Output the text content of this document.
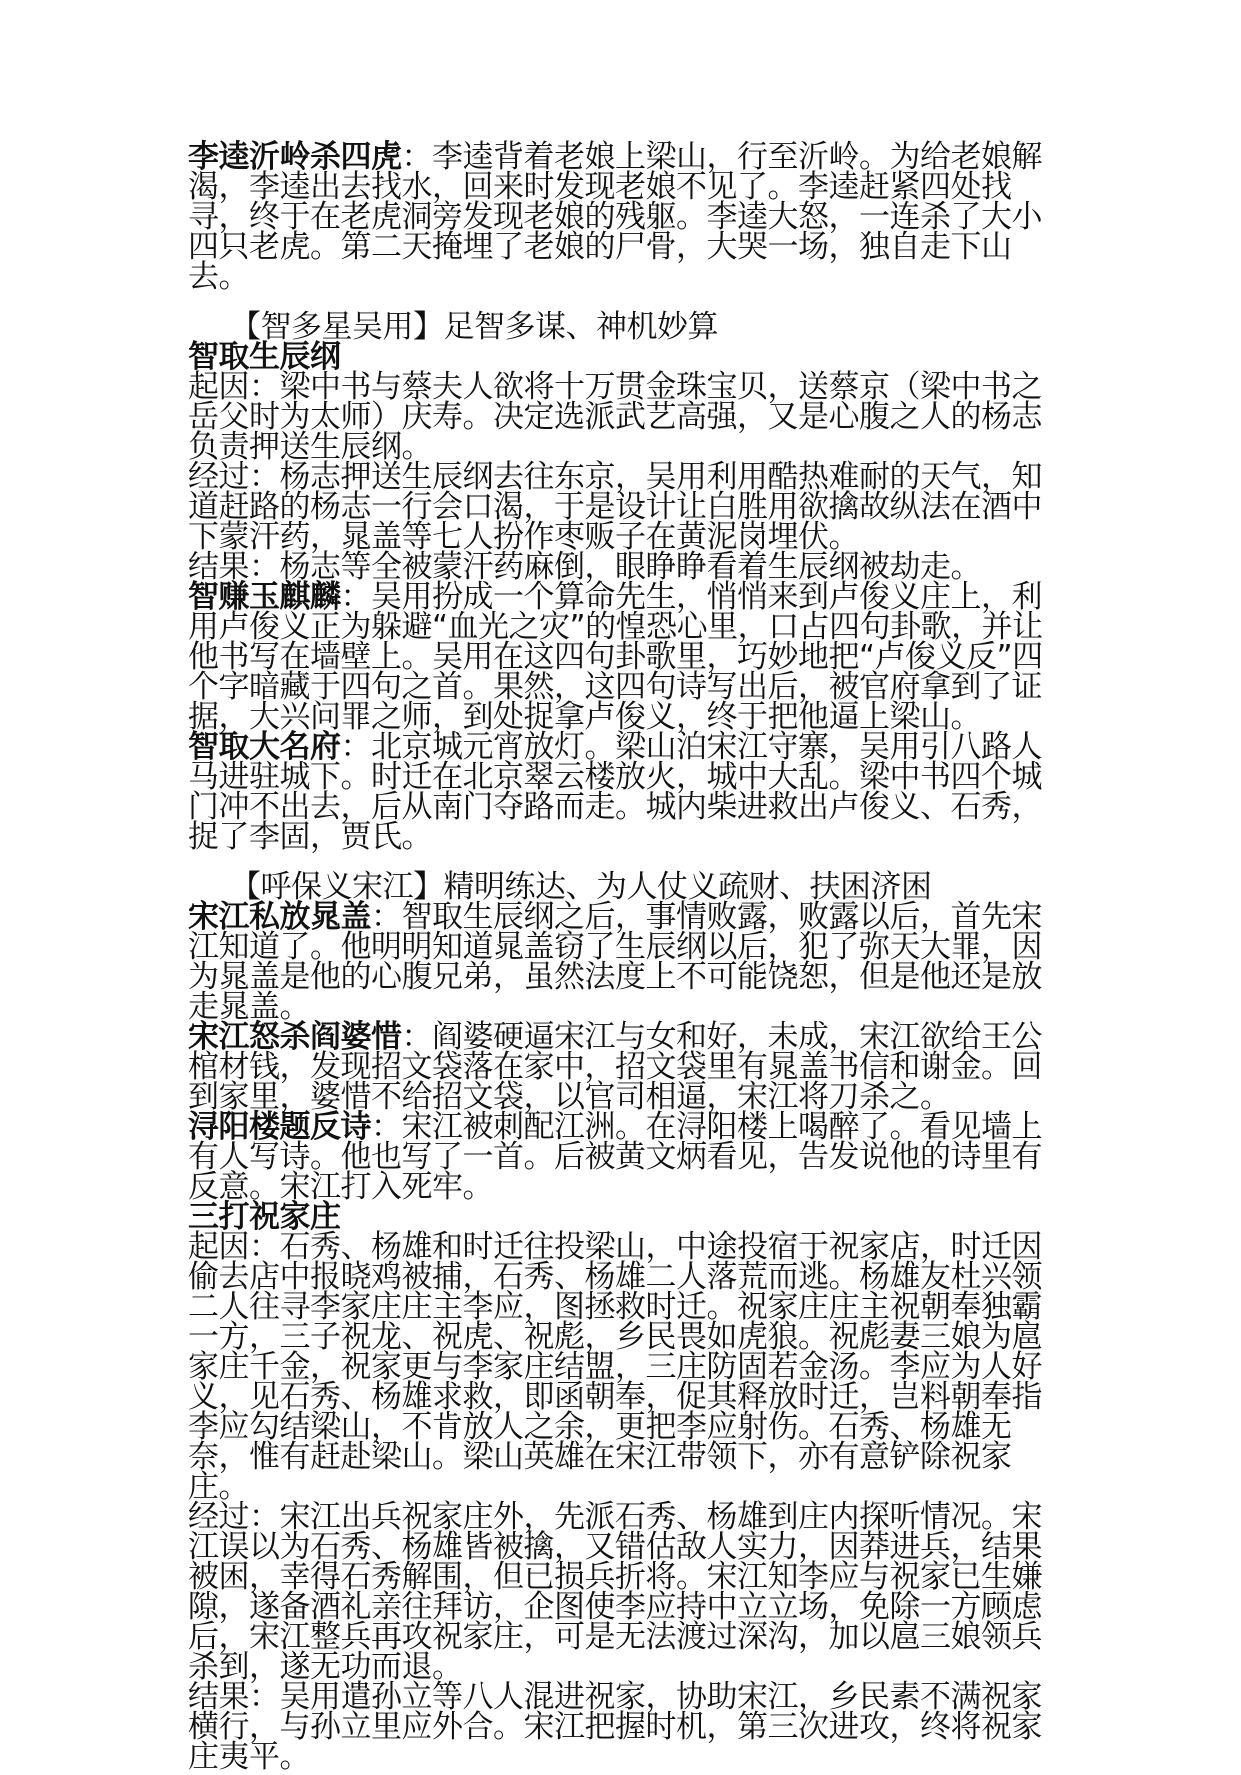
李逵沂岭杀四虎：李逵背着老娘上梁山，行至沂岭。为给老娘解渴，李逵出去找水，回来时发现老娘不见了。李逵赶紧四处找寻，终于在老虎洞旁发现老娘的残躯。李逵大怒，一连杀了大小四只老虎。第二天掩埋了老娘的尸骨，大哭一场，独自走下山去。

【智多星吴用】足智多谋、神机妙算

智取生辰纲

起因：梁中书与蔡夫人欲将十万贯金珠宝贝，送蔡京（梁中书之岳父时为太师）庆寿。决定选派武艺高强，又是心腹之人的杨志负责押送生辰纲。

经过：杨志押送生辰纲去往东京，吴用利用酷热难耐的天气，知道赶路的杨志一行会口渴，于是设计让白胜用欲擒故纵法在酒中下蒙汗药，晁盖等七人扮作枣贩子在黄泥岗埋伏。

结果：杨志等全被蒙汗药麻倒，眼睁睁看着生辰纲被劫走。

智赚玉麒麟：吴用扮成一个算命先生，悄悄来到卢俊义庄上，利用卢俊义正为躲避“血光之灾”的惶恐心里，口占四句卦歌，并让他书写在墙壁上。吴用在这四句卦歌里，巧妙地把“卢俊义反”四个字暗藏于四句之首。果然，这四句诗写出后，被官府拿到了证据，大兴问罪之师，到处捉拿卢俊义，终于把他逼上梁山。

智取大名府：北京城元宵放灯。梁山泊宋江守寨，吴用引八路人马进驻城下。时迁在北京翠云楼放火，城中大乱。梁中书四个城门冲不出去，后从南门夺路而走。城内柴进救出卢俊义、石秀，捉了李固，贾氏。

【呼保义宋江】精明练达、为人仗义疏财、扶困济困

宋江私放晁盖：智取生辰纲之后，事情败露，败露以后，首先宋江知道了。他明明知道晁盖窃了生辰纲以后，犯了弥天大罪，因为晁盖是他的心腹兄弟，虽然法度上不可能饶恕，但是他还是放走晁盖。

宋江怒杀阎婆惜：阎婆硬逼宋江与女和好，未成，宋江欲给王公棺材钱，发现招文袋落在家中，招文袋里有晁盖书信和谢金。回到家里，婆惜不给招文袋，以官司相逼，宋江将刀杀之。

浔阳楼题反诗：宋江被刺配江洲。在浔阳楼上喝醉了。看见墙上有人写诗。他也写了一首。后被黄文炳看见，告发说他的诗里有反意。宋江打入死牢。

三打祝家庄

起因：石秀、杨雄和时迁往投梁山，中途投宿于祝家店，时迁因偷去店中报晓鸡被捕，石秀、杨雄二人落荒而逃。杨雄友杜兴领二人往寻李家庄庄主李应，图拯救时迁。祝家庄庄主祝朝奉独霸一方，三子祝龙、祝虎、祝彪，乡民畏如虎狼。祝彪妻三娘为扈家庄千金，祝家更与李家庄结盟，三庄防固若金汤。李应为人好义，见石秀、杨雄求救，即函朝奉，促其释放时迁，岂料朝奉指李应勾结梁山，不肯放人之余，更把李应射伤。石秀、杨雄无奈，惟有赶赴梁山。梁山英雄在宋江带领下，亦有意铲除祝家庄。

经过：宋江出兵祝家庄外，先派石秀、杨雄到庄内探听情况。宋江误以为石秀、杨雄皆被擒，又错估敌人实力，因莽进兵，结果被困，幸得石秀解围，但已损兵折将。宋江知李应与祝家已生嫌隙，遂备酒礼亲往拜访，企图使李应持中立立场，免除一方顾虑后，宋江整兵再攻祝家庄，可是无法渡过深沟，加以扈三娘领兵杀到，遂无功而退。

结果：吴用遣孙立等八人混进祝家，协助宋江，乡民素不满祝家横行，与孙立里应外合。宋江把握时机，第三次进攻，终将祝家庄夷平。
